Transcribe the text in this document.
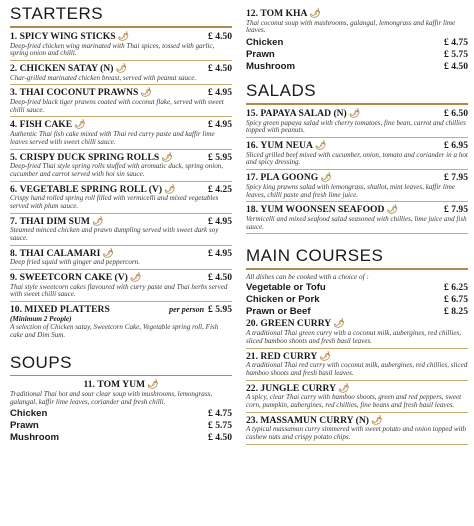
STARTERS
1. SPICY WING STICKS 🌶︎	£ 4.50
Deep-fried chicken wing marinated with Thai spices, tossed with garlic, spring onion and chilli.
2. CHICKEN SATAY (N) 🌶︎	£ 4.50
Char-grilled marinated chicken breast, served with peanut sauce.
3. THAI COCONUT PRAWNS 🌶︎	£ 4.95
Deep-fried black tiger prawns coated with coconut flake, served with sweet chilli sauce.
4. FISH CAKE 🌶︎	£ 4.95
Authentic Thai fish cake mixed with Thai red curry paste and kaffir lime leaves served with sweet chilli sauce.
5. CRISPY DUCK SPRING ROLLS 🌶︎	£ 5.95
Deep-fried Thai style spring rolls stuffed with aromatic duck, spring onion, cucumber and carrot served with hoi sin sauce.
6. VEGETABLE SPRING ROLL (V) 🌶︎	£ 4.25
Crispy hand rolled spring roll filled with vermicelli and mixed vegetables served with plum sauce.
7. THAI DIM SUM 🌶︎	£ 4.95
Steamed minced chicken and prawn dumpling served with sweet dark soy sauce.
8. THAI CALAMARI 🌶︎	£ 4.95
Deep fried squid with ginger and peppercorn.
9. SWEETCORN CAKE (V) 🌶︎	£ 4.50
Thai style sweetcorn cakes flavoured with curry paste and Thai herbs served with sweet chilli sauce.
10. MIXED PLATTERS	per person £ 5.95
(Minimum 2 People)
A selection of Chicken satay, Sweetcorn Cake, Vegetable spring roll, Fish cake and Dim Sum.
SOUPS
11. TOM YUM 🌶︎
Traditional Thai hot and sour clear soup with mushrooms, lemongrass, galangal, kaffir lime leaves, coriander and fresh chilli.
Chicken	£ 4.75
Prawn	£ 5.75
Mushroom	£ 4.50
12. TOM KHA 🌶︎
Thai coconut soup with mushrooms, galangal, lemongrass and kaffir lime leaves.
Chicken	£ 4.75
Prawn	£ 5.75
Mushroom	£ 4.50
SALADS
15. PAPAYA SALAD (N) 🌶︎	£ 6.50
Spicy green papaya salad with cherry tomatoes, fine bean, carrot and chillies topped with peanuts.
16. YUM NEUA 🌶︎	£ 6.95
Sliced grilled beef mixed with cucumber, onion, tomato and coriander in a hot and spicy dressing.
17. PLA GOONG 🌶︎	£ 7.95
Spicy king prawns salad with lemongrass, shallot, mint leaves, kaffir lime leaves, chilli paste and fresh lime juice.
18. YUM WOONSEN SEAFOOD 🌶︎	£ 7.95
Vermicelli and mixed seafood salad seasoned with chillies, lime juice and fish sauce.
MAIN COURSES
All dishes can be cooked with a choice of :
Vegetable or Tofu	£ 6.25
Chicken or Pork	£ 6.75
Prawn or Beef	£ 8.25
20. GREEN CURRY 🌶︎
A traditional Thai green curry with a coconut milk, aubergines, red chillies, sliced bamboo shoots and fresh basil leaves.
21. RED CURRY 🌶︎
A traditional Thai red curry with coconut milk, aubergines, red chillies, sliced bamboo shoots and fresh basil leaves.
22. JUNGLE CURRY 🌶︎
A spicy, clear Thai curry with bamboo shoots, green and red peppers, sweet corn, pumpkin, aubergines, red chillies, fine beans and fresh basil leaves.
23. MASSAMUN CURRY (N) 🌶︎
A typical massamun curry simmered with sweet potato and onion topped with cashew nuts and crispy potato chips.
